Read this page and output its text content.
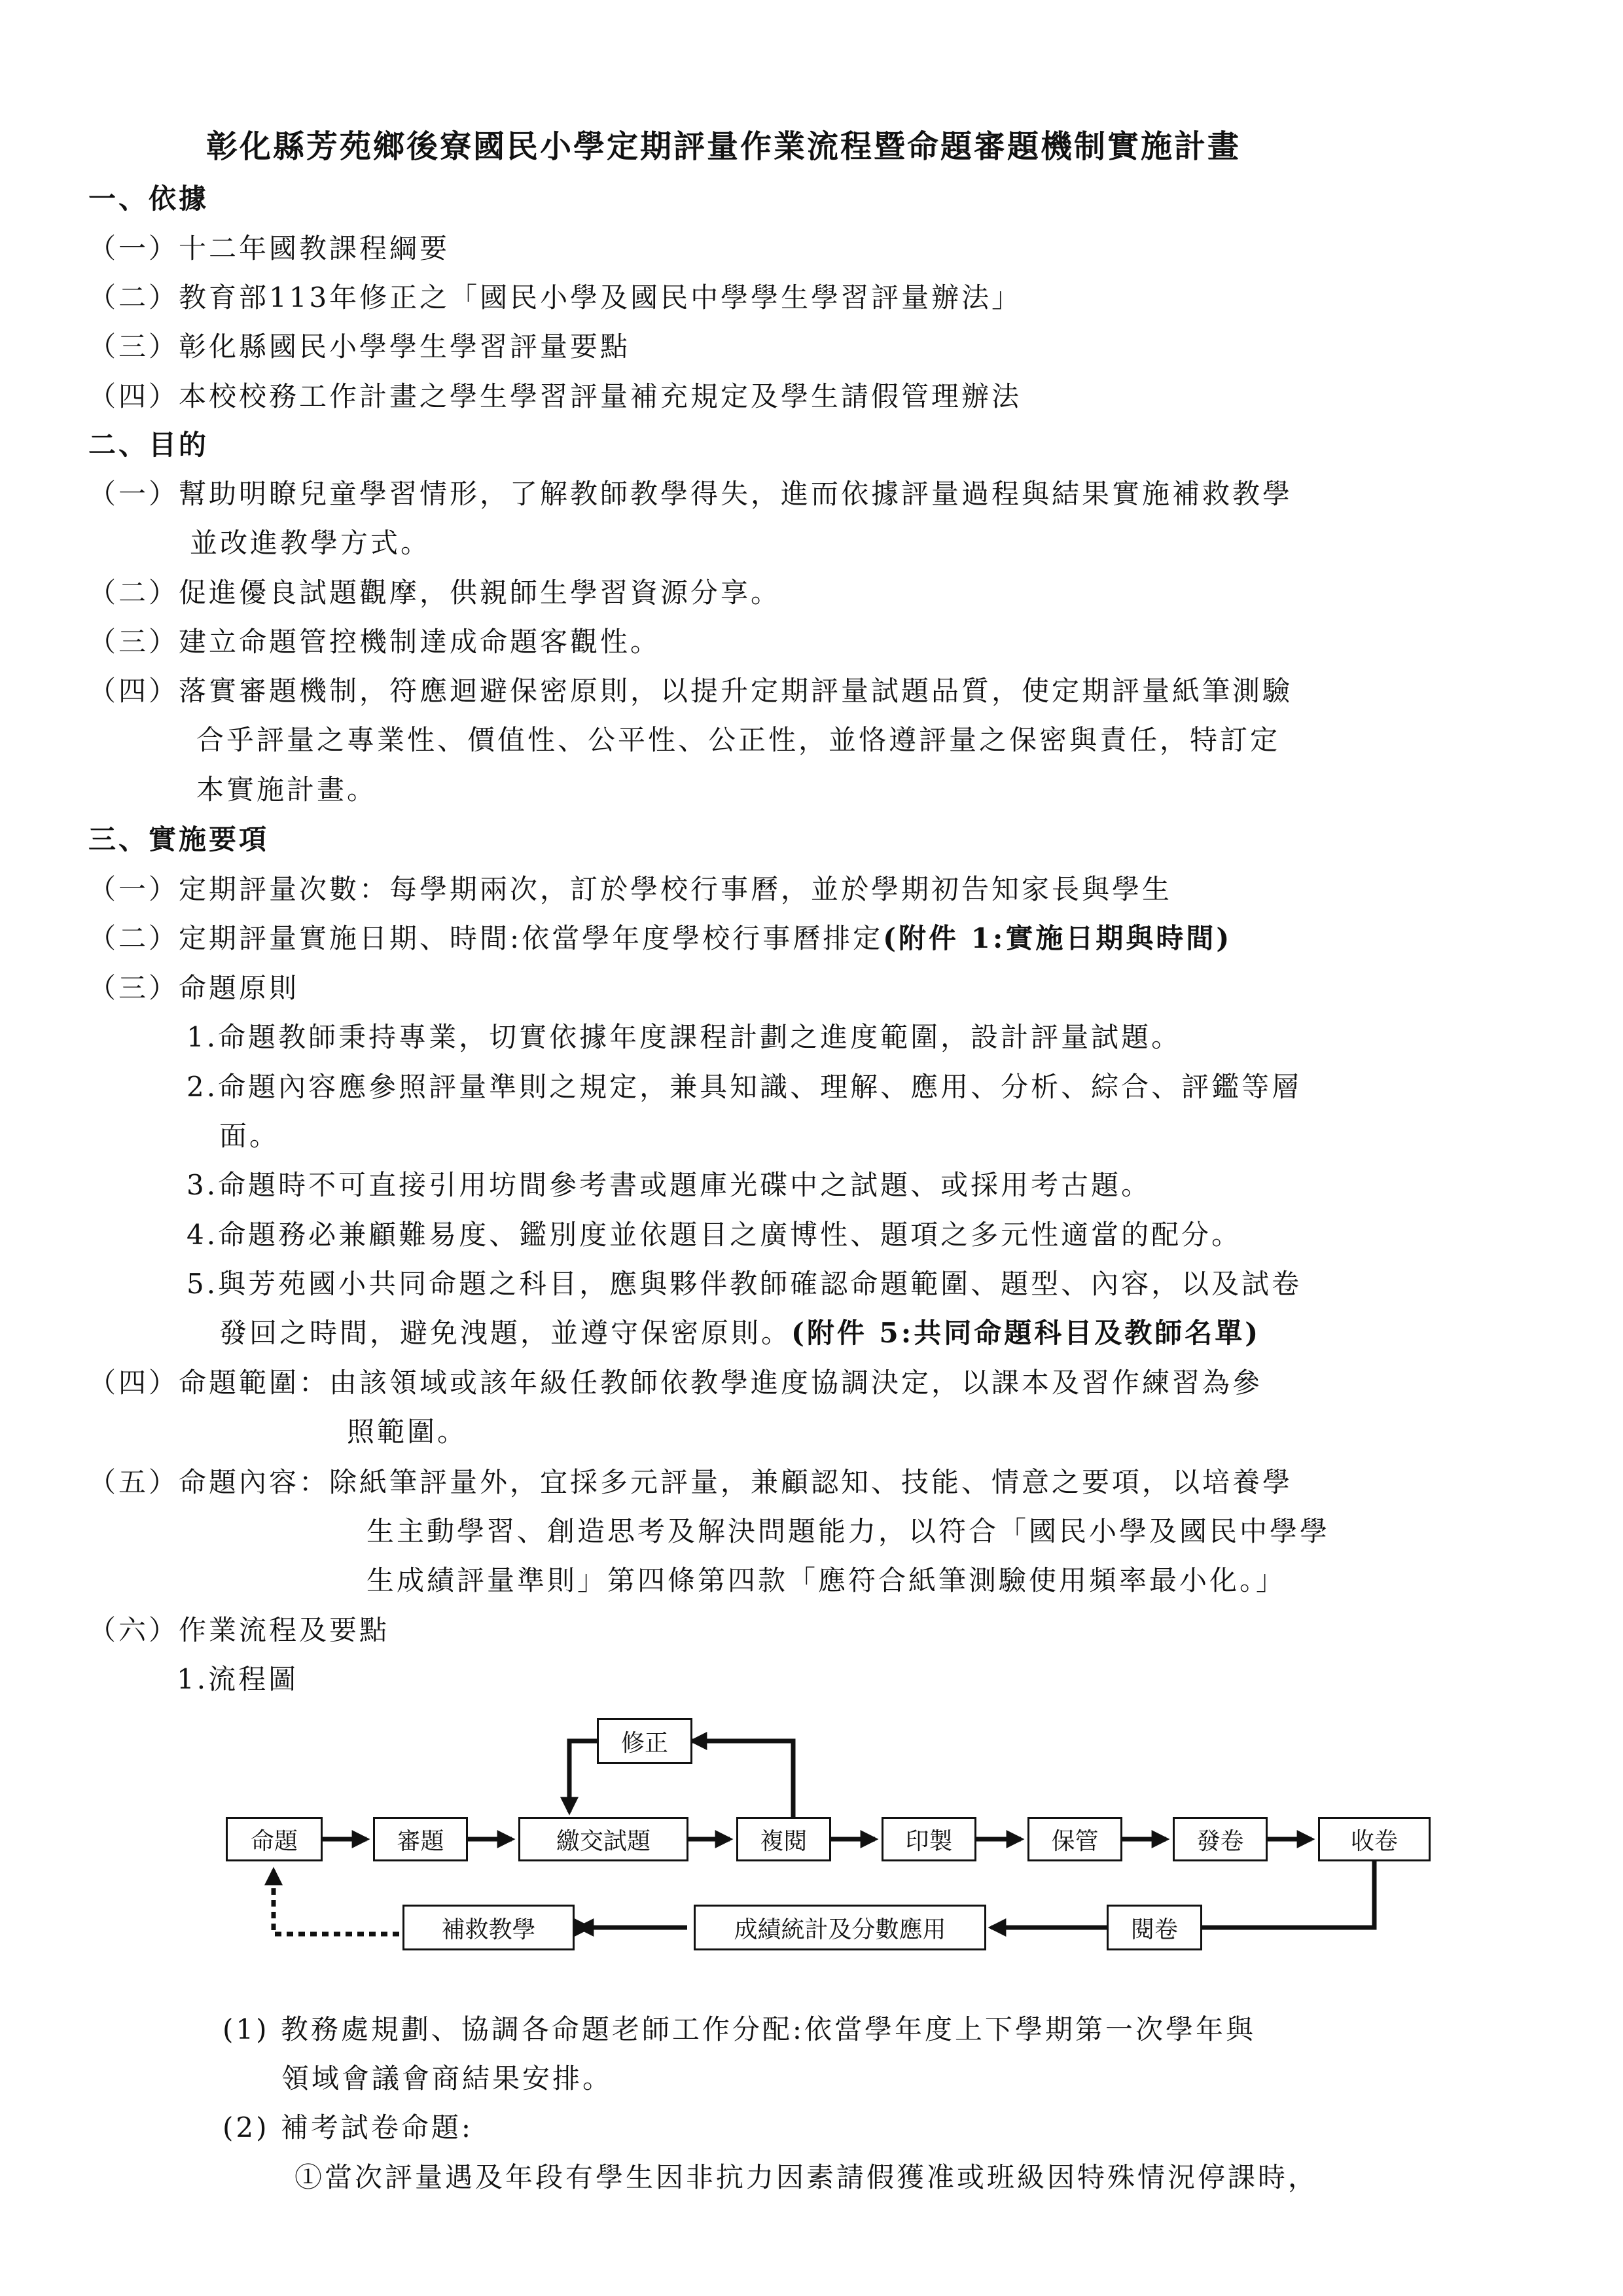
彰化縣芳苑鄉後寮國民小學定期評量作業流程暨命題審題機制實施計畫
一、依據
（一）十二年國教課程綱要
（二）教育部113年修正之「國民小學及國民中學學生學習評量辦法」
（三）彰化縣國民小學學生學習評量要點
（四）本校校務工作計畫之學生學習評量補充規定及學生請假管理辦法
二、目的
（一）幫助明瞭兒童學習情形，了解教師教學得失，進而依據評量過程與結果實施補救教學
並改進教學方式。
（二）促進優良試題觀摩，供親師生學習資源分享。
（三）建立命題管控機制達成命題客觀性。
（四）落實審題機制，符應迴避保密原則，以提升定期評量試題品質，使定期評量紙筆測驗
合乎評量之專業性、價值性、公平性、公正性，並恪遵評量之保密與責任，特訂定
本實施計畫。
三、實施要項
（一）定期評量次數：每學期兩次，訂於學校行事曆，並於學期初告知家長與學生
（二）定期評量實施日期、時間:依當學年度學校行事曆排定(附件 1:實施日期與時間)
（三）命題原則
1.命題教師秉持專業，切實依據年度課程計劃之進度範圍，設計評量試題。
2.命題內容應參照評量準則之規定，兼具知識、理解、應用、分析、綜合、評鑑等層
面。
3.命題時不可直接引用坊間參考書或題庫光碟中之試題、或採用考古題。
4.命題務必兼顧難易度、鑑別度並依題目之廣博性、題項之多元性適當的配分。
5.與芳苑國小共同命題之科目，應與夥伴教師確認命題範圍、題型、內容，以及試卷
發回之時間，避免洩題，並遵守保密原則。(附件 5:共同命題科目及教師名單)
（四）命題範圍：由該領域或該年級任教師依教學進度協調決定，以課本及習作練習為參
照範圍。
（五）命題內容：除紙筆評量外，宜採多元評量，兼顧認知、技能、情意之要項，以培養學
生主動學習、創造思考及解決問題能力，以符合「國民小學及國民中學學
生成績評量準則」第四條第四款「應符合紙筆測驗使用頻率最小化。」
（六）作業流程及要點
1.流程圖
修正
命題	審題	繳交試題	複閱	印製	保管	發卷	收卷
閱卷
成績統計及分數應用
補救教學
(1) 教務處規劃、協調各命題老師工作分配:依當學年度上下學期第一次學年與
領域會議會商結果安排。
(2) 補考試卷命題:
①當次評量遇及年段有學生因非抗力因素請假獲准或班級因特殊情況停課時，
